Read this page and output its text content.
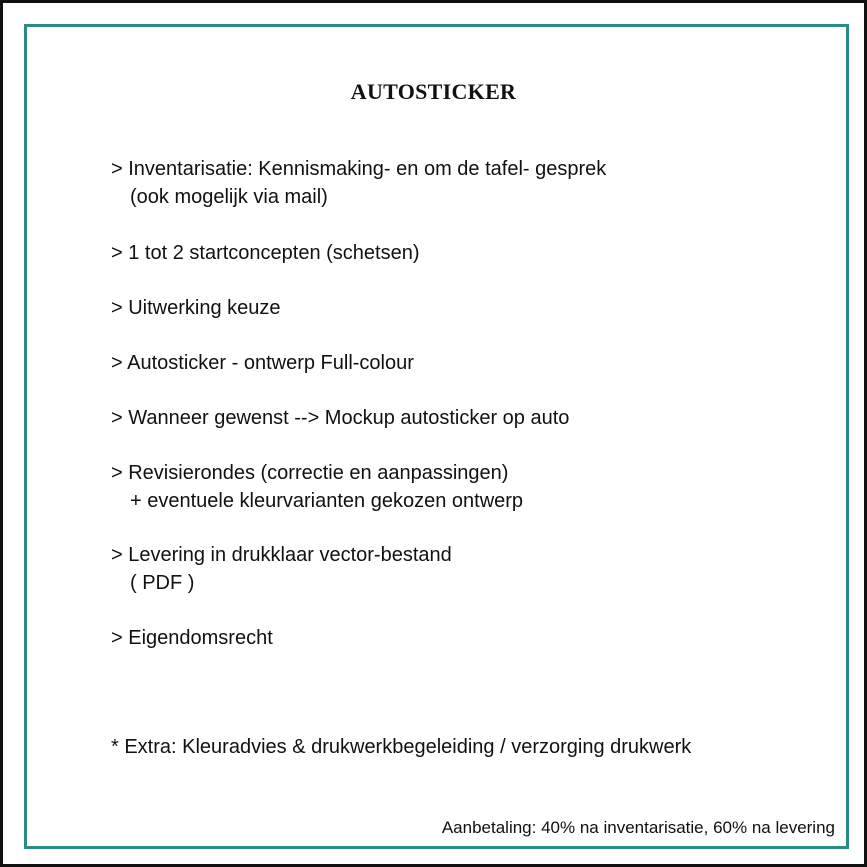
AUTOSTICKER
> Inventarisatie: Kennismaking- en om de tafel- gesprek
(ook mogelijk via mail)
> 1 tot 2 startconcepten (schetsen)
> Uitwerking keuze
> Autosticker - ontwerp Full-colour
> Wanneer gewenst --> Mockup autosticker op auto
> Revisierondes (correctie en aanpassingen)
+ eventuele kleurvarianten gekozen ontwerp
> Levering in drukklaar vector-bestand
( PDF )
> Eigendomsrecht

* Extra: Kleuradvies & drukwerkbegeleiding / verzorging drukwerk

Aanbetaling: 40% na inventarisatie, 60% na levering
